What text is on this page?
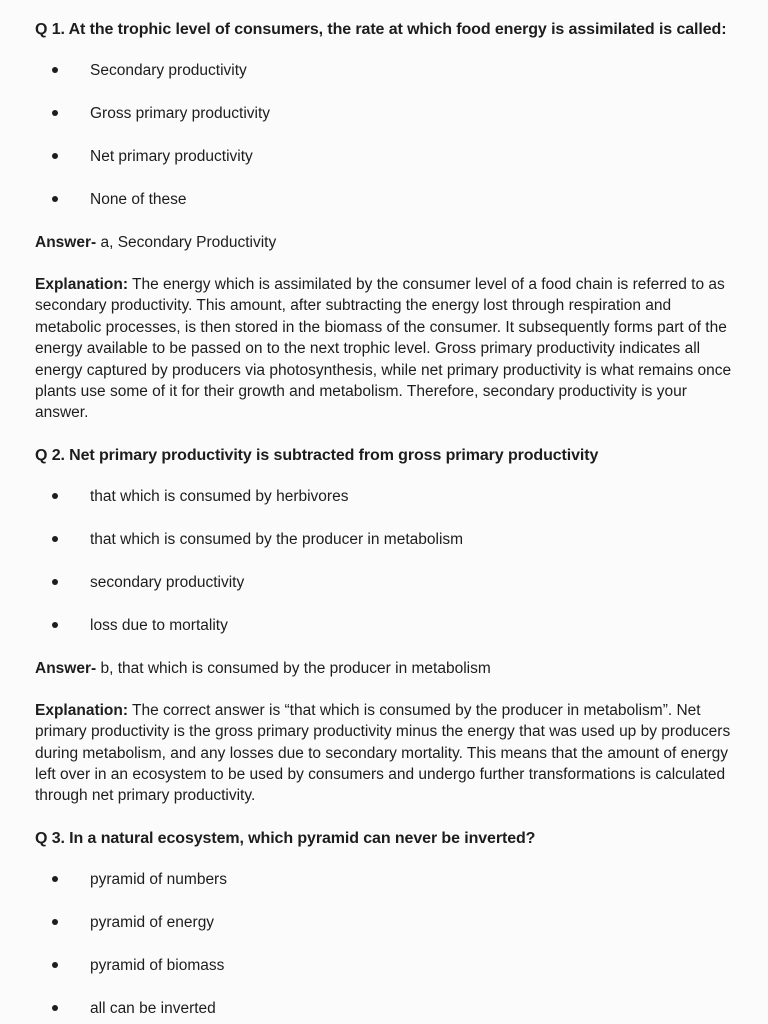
Q 1. At the trophic level of consumers, the rate at which food energy is assimilated is called:
Secondary productivity
Gross primary productivity
Net primary productivity
None of these
Answer- a, Secondary Productivity
Explanation: The energy which is assimilated by the consumer level of a food chain is referred to as secondary productivity. This amount, after subtracting the energy lost through respiration and metabolic processes, is then stored in the biomass of the consumer. It subsequently forms part of the energy available to be passed on to the next trophic level. Gross primary productivity indicates all energy captured by producers via photosynthesis, while net primary productivity is what remains once plants use some of it for their growth and metabolism. Therefore, secondary productivity is your answer.
Q 2. Net primary productivity is subtracted from gross primary productivity
that which is consumed by herbivores
that which is consumed by the producer in metabolism
secondary productivity
loss due to mortality
Answer- b, that which is consumed by the producer in metabolism
Explanation: The correct answer is “that which is consumed by the producer in metabolism”. Net primary productivity is the gross primary productivity minus the energy that was used up by producers during metabolism, and any losses due to secondary mortality. This means that the amount of energy left over in an ecosystem to be used by consumers and undergo further transformations is calculated through net primary productivity.
Q 3. In a natural ecosystem, which pyramid can never be inverted?
pyramid of numbers
pyramid of energy
pyramid of biomass
all can be inverted
